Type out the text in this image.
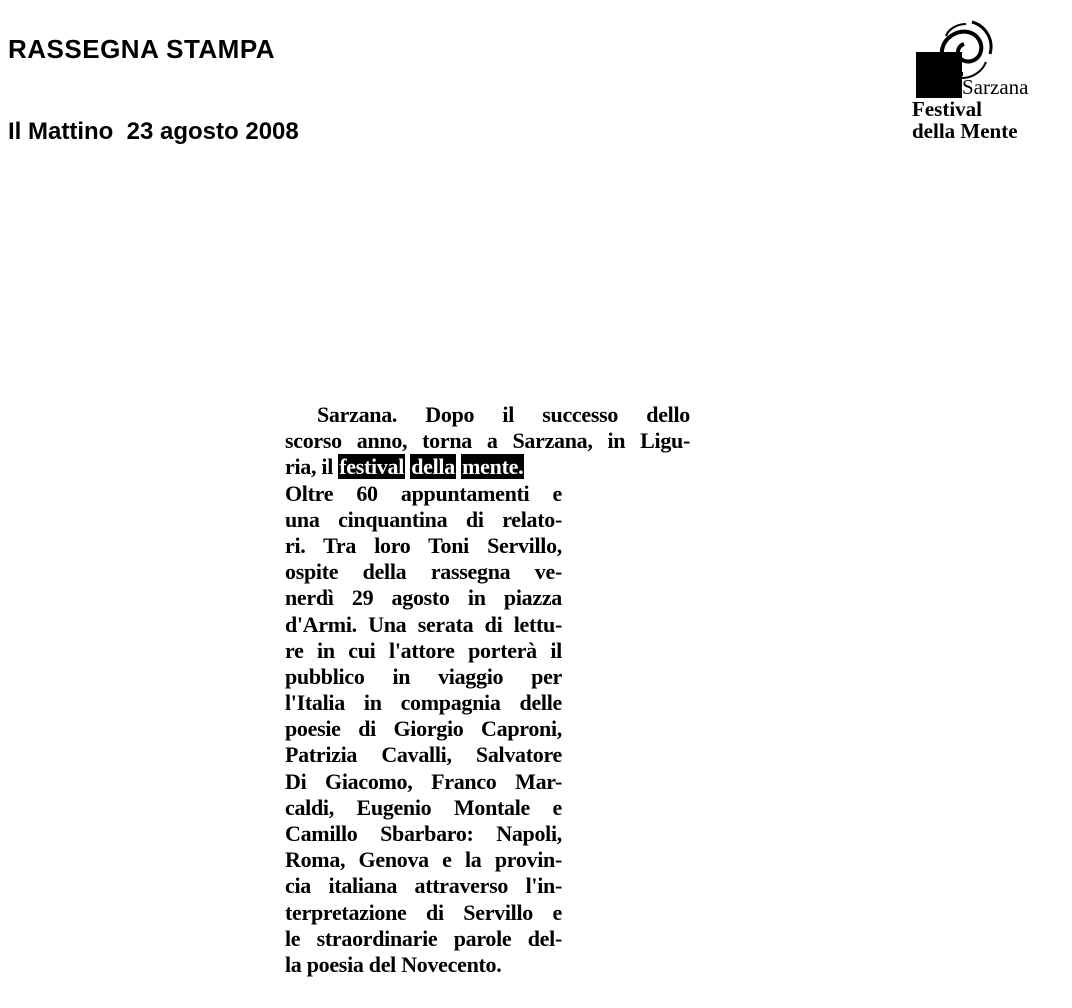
RASSEGNA STAMPA
Il Mattino  23 agosto 2008
Sarzana
Festival
della Mente
Sarzana. Dopo il successo dello
scorso anno, torna a Sarzana, in Ligu-
ria, il festival della mente.
Oltre 60 appuntamenti e
una cinquantina di relato-
ri. Tra loro Toni Servillo,
ospite della rassegna ve-
nerdì 29 agosto in piazza
d'Armi. Una serata di lettu-
re in cui l'attore porterà il
pubblico in viaggio per
l'Italia in compagnia delle
poesie di Giorgio Caproni,
Patrizia Cavalli, Salvatore
Di Giacomo, Franco Mar-
caldi, Eugenio Montale e
Camillo Sbarbaro: Napoli,
Roma, Genova e la provin-
cia italiana attraverso l'in-
terpretazione di Servillo e
le straordinarie parole del-
la poesia del Novecento.
